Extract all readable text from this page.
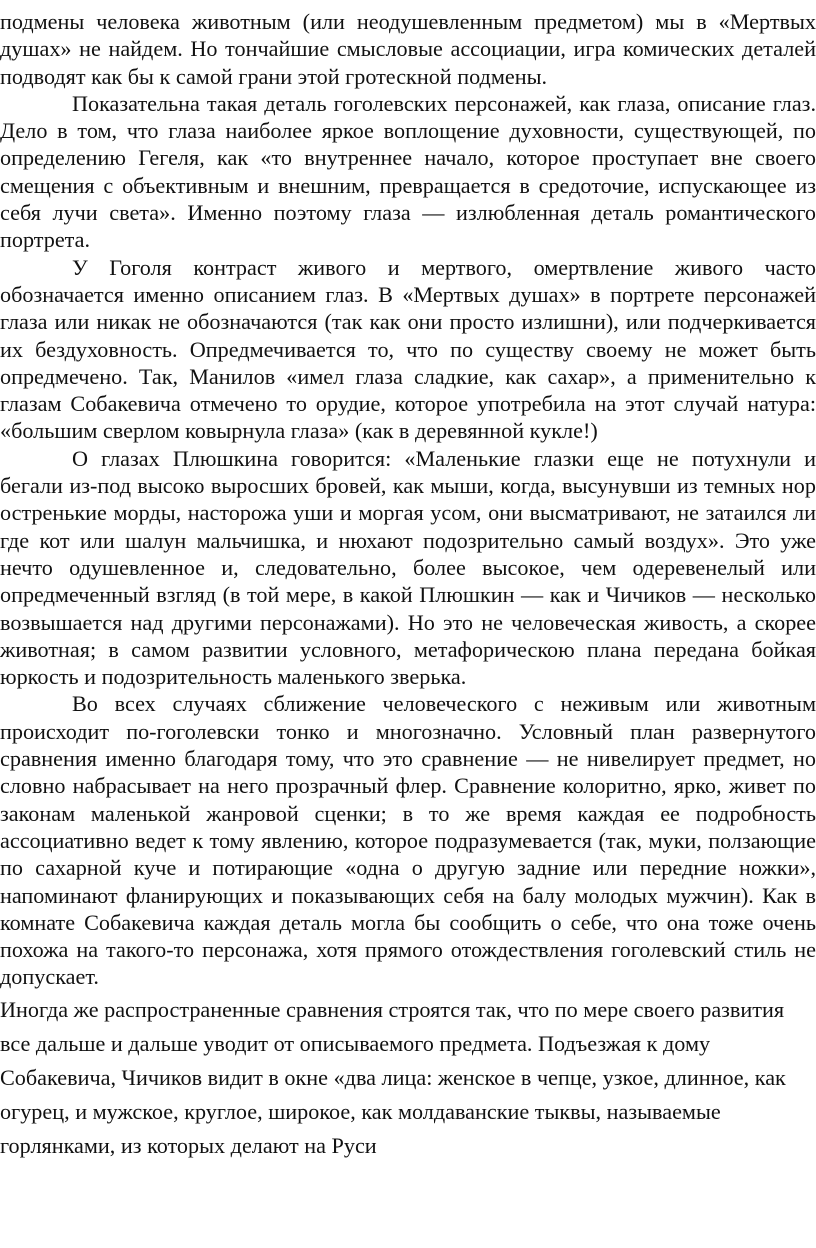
подмены человека животным (или неодушевленным предметом) мы в «Мертвых душах» не найдем. Но тончайшие смысловые ассоциации, игра комических деталей подводят как бы к самой грани этой гротескной подмены.

Показательна такая деталь гоголевских персонажей, как глаза, описание глаз. Дело в том, что глаза наиболее яркое воплощение духовности, существующей, по определению Гегеля, как «то внутреннее начало, которое проступает вне своего смещения с объективным и внешним, превращается в средоточие, испускающее из себя лучи света». Именно поэтому глаза — излюбленная деталь романтического портрета.

У Гоголя контраст живого и мертвого, омертвление живого часто обозначается именно описанием глаз. В «Мертвых душах» в портрете персонажей глаза или никак не обозначаются (так как они просто излишни), или подчеркивается их бездуховность. Опредмечивается то, что по существу своему не может быть опредмечено. Так, Манилов «имел глаза сладкие, как сахар», а применительно к глазам Собакевича отмечено то орудие, которое употребила на этот случай натура: «большим сверлом ковырнула глаза» (как в деревянной кукле!)

О глазах Плюшкина говорится: «Маленькие глазки еще не потухнули и бегали из-под высоко выросших бровей, как мыши, когда, высунувши из темных нор остренькие морды, насторожа уши и моргая усом, они высматривают, не затаился ли где кот или шалун мальчишка, и нюхают подозрительно самый воздух». Это уже нечто одушевленное и, следовательно, более высокое, чем одеревенелый или опредмеченный взгляд (в той мере, в какой Плюшкин — как и Чичиков — несколько возвышается над другими персонажами). Но это не человеческая живость, а скорее животная; в самом развитии условного, метафорическою плана передана бойкая юркость и подозрительность маленького зверька.

Во всех случаях сближение человеческого с неживым или животным происходит по-гоголевски тонко и многозначно. Условный план развернутого сравнения именно благодаря тому, что это сравнение — не нивелирует предмет, но словно набрасывает на него прозрачный флер. Сравнение колоритно, ярко, живет по законам маленькой жанровой сценки; в то же время каждая ее подробность ассоциативно ведет к тому явлению, которое подразумевается (так, муки, ползающие по сахарной куче и потирающие «одна о другую задние или передние ножки», напоминают фланирующих и показывающих себя на балу молодых мужчин). Как в комнате Собакевича каждая деталь могла бы сообщить о себе, что она тоже очень похожа на такого-то персонажа, хотя прямого отождествления гоголевский стиль не допускает.

Иногда же распространенные сравнения строятся так, что по мере своего развития все дальше и дальше уводит от описываемого предмета. Подъезжая к дому Собакевича, Чичиков видит в окне «два лица: женское в чепце, узкое, длинное, как огурец, и мужское, круглое, широкое, как молдаванские тыквы, называемые горлянками, из которых делают на Руси
